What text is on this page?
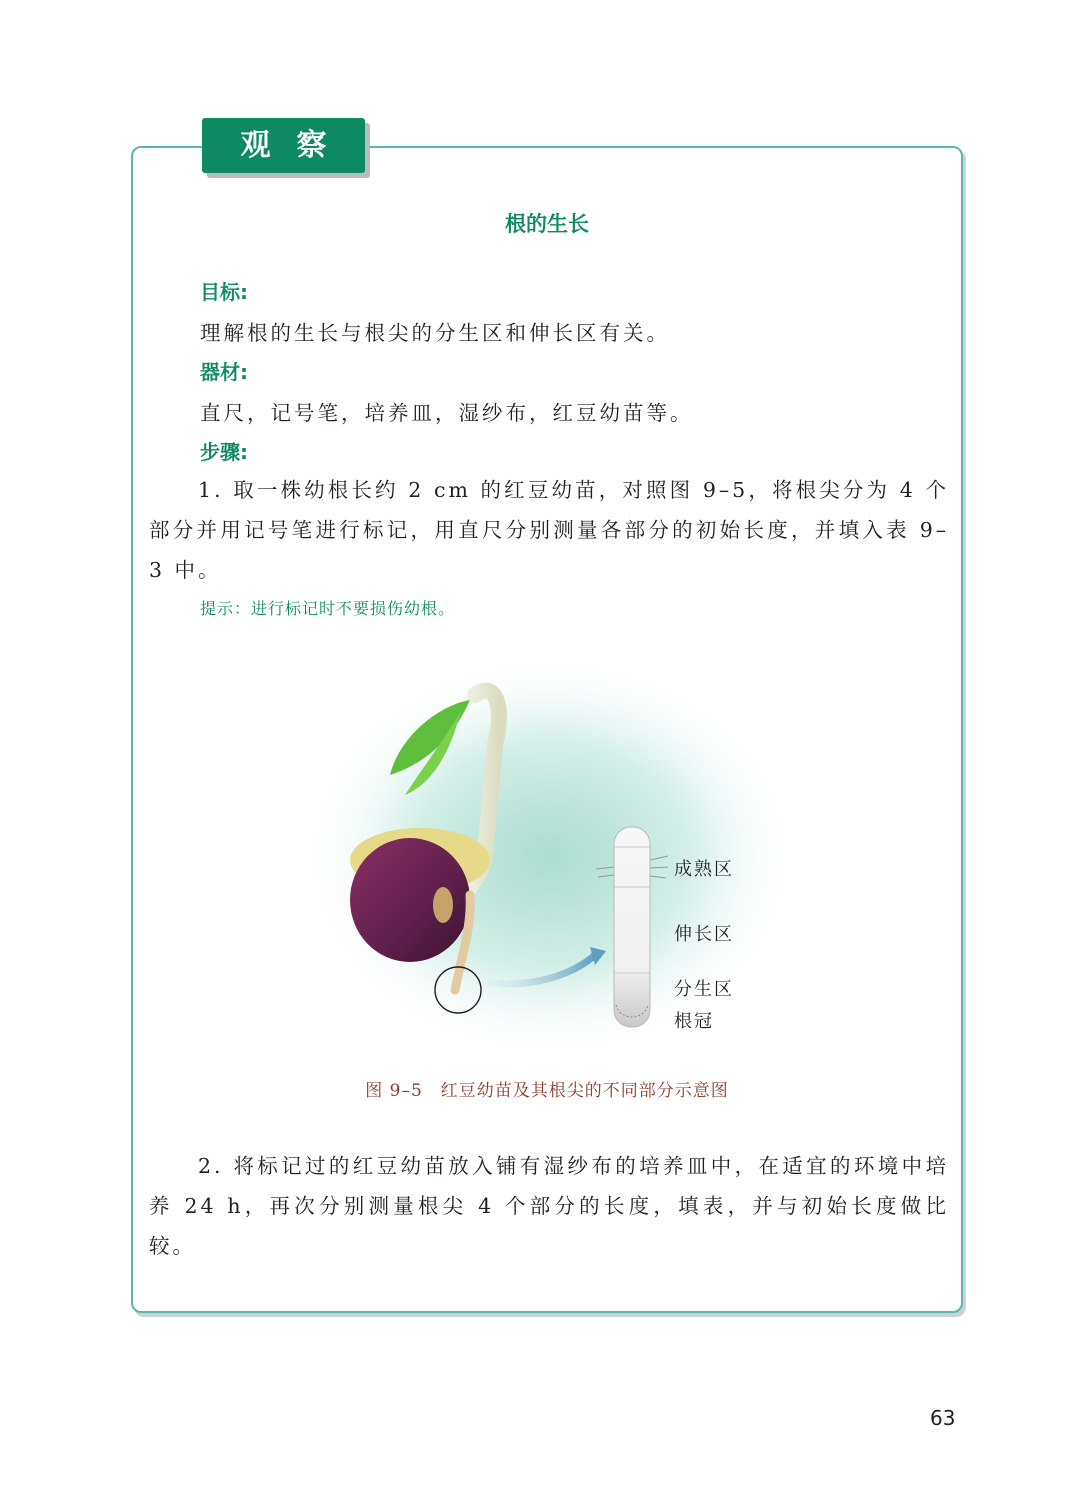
观察
根的生长
目标:
理解根的生长与根尖的分生区和伸长区有关。
器材:
直尺，记号笔，培养皿，湿纱布，红豆幼苗等。
步骤:
1. 取一株幼根长约 2 cm 的红豆幼苗，对照图 9–5，将根尖分为 4 个部分并用记号笔进行标记，用直尺分别测量各部分的初始长度，并填入表 9–3 中。
提示：进行标记时不要损伤幼根。
成熟区
伸长区
分生区
根冠
图 9–5　红豆幼苗及其根尖的不同部分示意图
2. 将标记过的红豆幼苗放入铺有湿纱布的培养皿中，在适宜的环境中培养 24 h，再次分别测量根尖 4 个部分的长度，填表，并与初始长度做比较。
63
